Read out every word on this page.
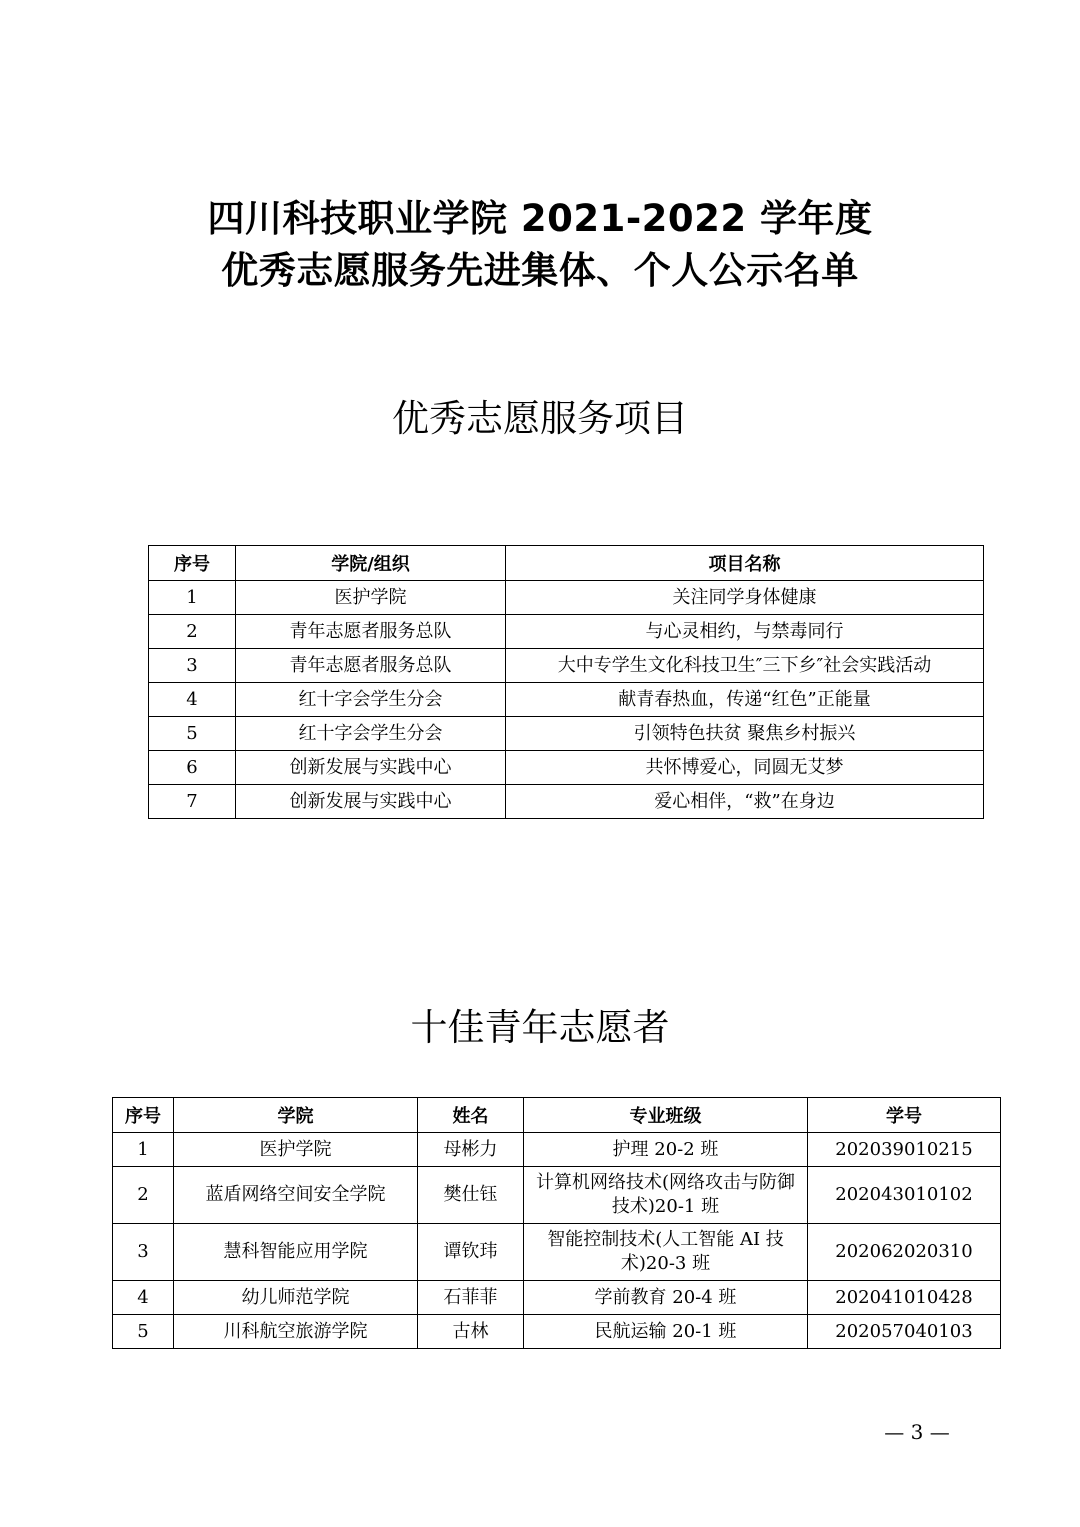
四川科技职业学院 2021-2022 学年度
优秀志愿服务先进集体、个人公示名单
优秀志愿服务项目
序号	学院/组织	项目名称
1	医护学院	关注同学身体健康
2	青年志愿者服务总队	与心灵相约，与禁毒同行
3	青年志愿者服务总队	大中专学生文化科技卫生″三下乡″社会实践活动
4	红十字会学生分会	献青春热血，传递“红色”正能量
5	红十字会学生分会	引领特色扶贫 聚焦乡村振兴
6	创新发展与实践中心	共怀博爱心，同圆无艾梦
7	创新发展与实践中心	爱心相伴，“救”在身边
十佳青年志愿者
序号	学院	姓名	专业班级	学号
1	医护学院	母彬力	护理 20-2 班	202039010215
2	蓝盾网络空间安全学院	樊仕钰	计算机网络技术(网络攻击与防御技术)20-1 班	202043010102
3	慧科智能应用学院	谭钦玮	智能控制技术(人工智能 AI 技术)20-3 班	202062020310
4	幼儿师范学院	石菲菲	学前教育 20-4 班	202041010428
5	川科航空旅游学院	古林	民航运输 20-1 班	202057040103
— 3 —
